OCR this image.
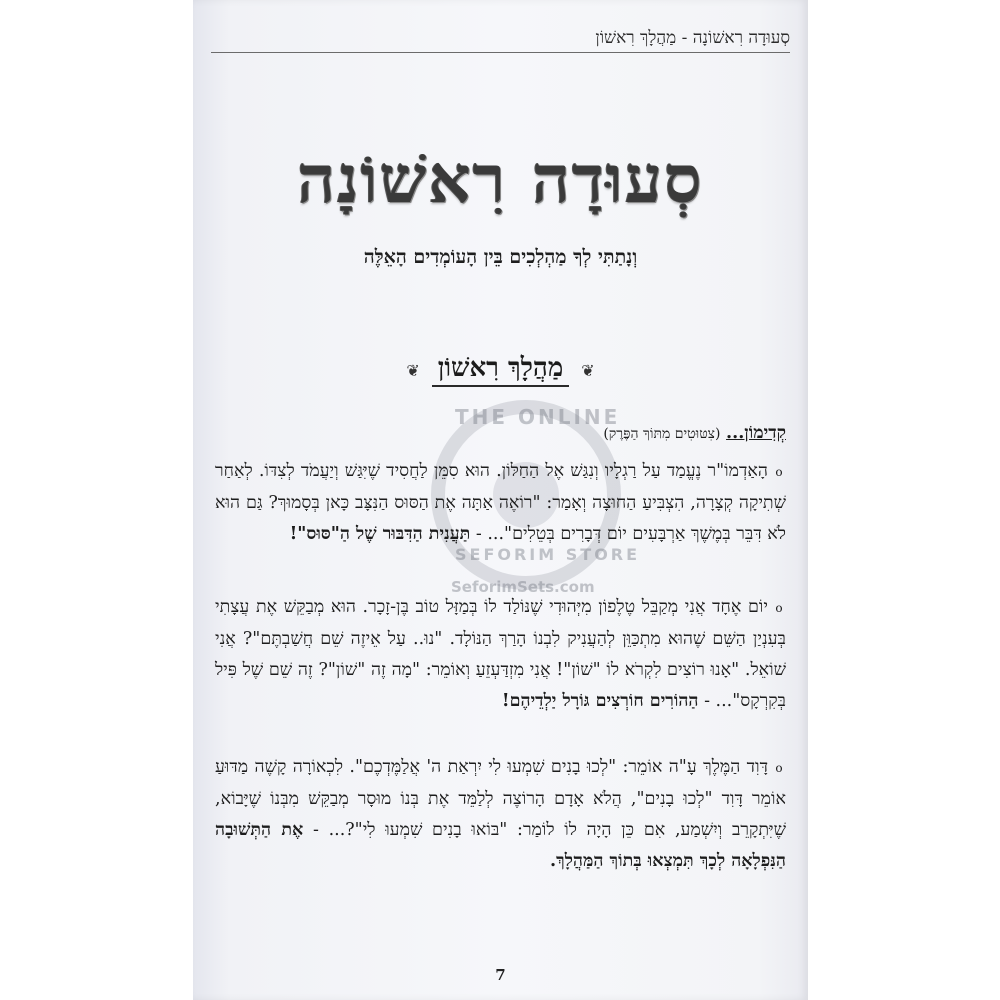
סְעוּדָה רִאשׁוֹנָה - מַהֲלָךְ רִאשׁוֹן
סְעוּדָה רִאשׁוֹנָה
וְנָתַתִּי לְךָ מַהְלְכִים בֵּין הָעוֹמְדִים הָאֵלֶּה
❦
מַהֲלָךְ רִאשׁוֹן
❦
THE ONLINE
SEFORIM STORE
SeforimSets.com
קְדִימוֹן... (צִטּוּטִים מִתּוֹךְ הַפֶּרֶק)
oהָאַדְמוֹ"ר נֶעֱמַד עַל רַגְלָיו וְנִגַּשׁ אֶל הַחַלּוֹן. הוּא סִמֵּן לַחֲסִיד שֶׁיִּגַּשׁ וְיַעֲמֹד לְצִדּוֹ. לְאַחַר שְׁתִיקָה קְצָרָה, הִצְבִּיעַ הַחוּצָה וְאָמַר: "רוֹאֶה אַתָּה אֶת הַסּוּס הַנִּצָּב כָּאן בְּסָמוּךְ? גַּם הוּא לֹא דִּבֵּר בְּמֶשֶׁךְ אַרְבָּעִים יוֹם דְּבָרִים בְּטֵלִים"... - תַּעֲנִית הַדִּבּוּר שֶׁל הַ"סּוּס"!
oיוֹם אֶחָד אֲנִי מְקַבֵּל טֶלֶפוֹן מִיְּהוּדִי שֶׁנּוֹלַד לוֹ בְּמַזָּל טוֹב בֶּן-זָכָר. הוּא מְבַקֵּשׁ אֶת עֲצָתִי בְּעִנְיַן הַשֵּׁם שֶׁהוּא מִתְכַּוֵּן לְהַעֲנִיק לִבְנוֹ הָרַךְ הַנּוֹלָד. "נוּ.. עַל אֵיזֶה שֵׁם חֲשַׁבְתֶּם"? אֲנִי שׁוֹאֵל. "אָנוּ רוֹצִים לִקְרֹא לוֹ "שׁוֹן"! אֲנִי מִזְדַּעְזֵעַ וְאוֹמֵר: "מָה זֶה "שׁוֹן"? זֶה שֵׁם שֶׁל פִּיל בְּקִרְקָס"... - הַהוֹרִים חוֹרְצִים גּוֹרָל יַלְדֵיהֶם!
oדָּוִד הַמֶּלֶךְ עָ"ה אוֹמֵר: "לְכוּ בָנִים שִׁמְעוּ לִי יִרְאַת ה' אֲלַמֶּדְכֶם". לִכְאוֹרָה קָשֶׁה מַדּוּעַ אוֹמֵר דָּוִד "לְכוּ בָנִים", הֲלֹא אָדָם הָרוֹצֶה לְלַמֵּד אֶת בְּנוֹ מוּסָר מְבַקֵּשׁ מִבְּנוֹ שֶׁיָּבוֹא, שֶׁיִּתְקָרֵב וְיִשְׁמַע, אִם כֵּן הָיָה לוֹ לוֹמַר: "בּוֹאוּ בָנִים שִׁמְעוּ לִי"?... - אֶת הַתְּשׁוּבָה הַנִּפְלָאָה לְכָךְ תִּמְצְאוּ בְּתוֹךְ הַמַּהֲלָךְ.
7
